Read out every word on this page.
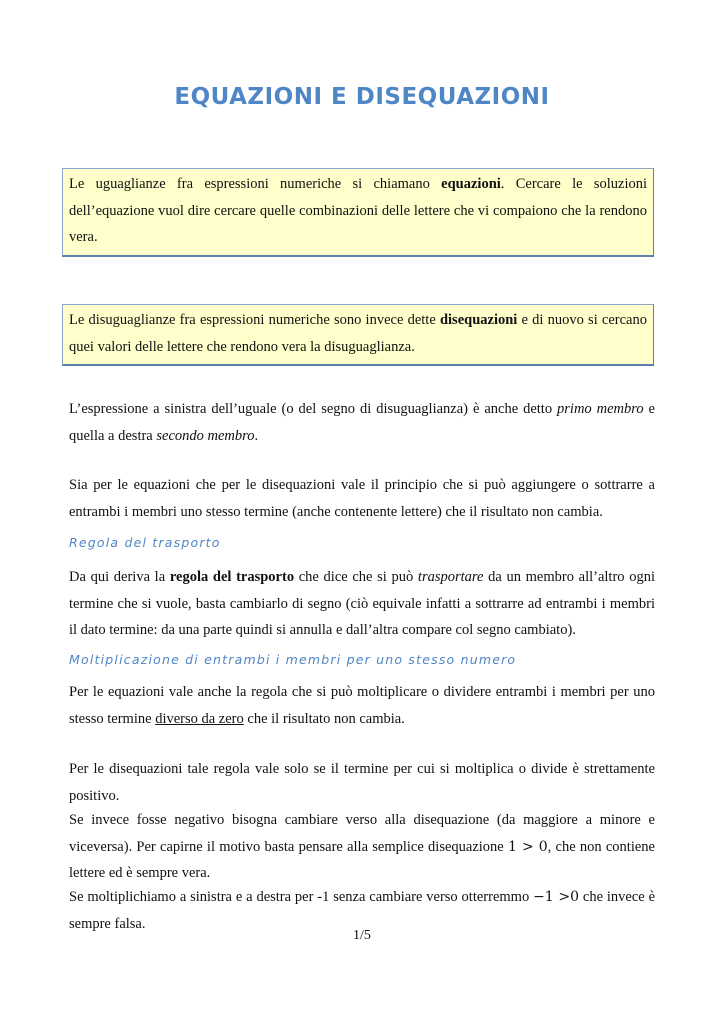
EQUAZIONI E DISEQUAZIONI
Le uguaglianze fra espressioni numeriche si chiamano equazioni. Cercare le soluzioni dell’equazione vuol dire cercare quelle combinazioni delle lettere che vi compaiono che la rendono vera.
Le disuguaglianze fra espressioni numeriche sono invece dette disequazioni e di nuovo si cercano quei valori delle lettere che rendono vera la disuguaglianza.

L’espressione a sinistra dell’uguale (o del segno di disuguaglianza) è anche detto primo membro e quella a destra secondo membro.

Sia per le equazioni che per le disequazioni vale il principio che si può aggiungere o sottrarre a entrambi i membri uno stesso termine (anche contenente lettere) che il risultato non cambia.

Regola del trasporto

Da qui deriva la regola del trasporto che dice che si può trasportare da un membro all’altro ogni termine che si vuole, basta cambiarlo di segno (ciò equivale infatti a sottrarre ad entrambi i membri il dato termine: da una parte quindi si annulla e dall’altra compare col segno cambiato).

Moltiplicazione di entrambi i membri per uno stesso numero

Per le equazioni vale anche la regola che si può moltiplicare o dividere entrambi i membri per uno stesso termine diverso da zero che il risultato non cambia.

Per le disequazioni tale regola vale solo se il termine per cui si moltiplica o divide è strettamente positivo.

Se invece fosse negativo bisogna cambiare verso alla disequazione (da maggiore a minore e viceversa). Per capirne il motivo basta pensare alla semplice disequazione 1 > 0, che non contiene lettere ed è sempre vera.

Se moltiplichiamo a sinistra e a destra per -1 senza cambiare verso otterremmo −1 >0 che invece è sempre falsa.

1/5
